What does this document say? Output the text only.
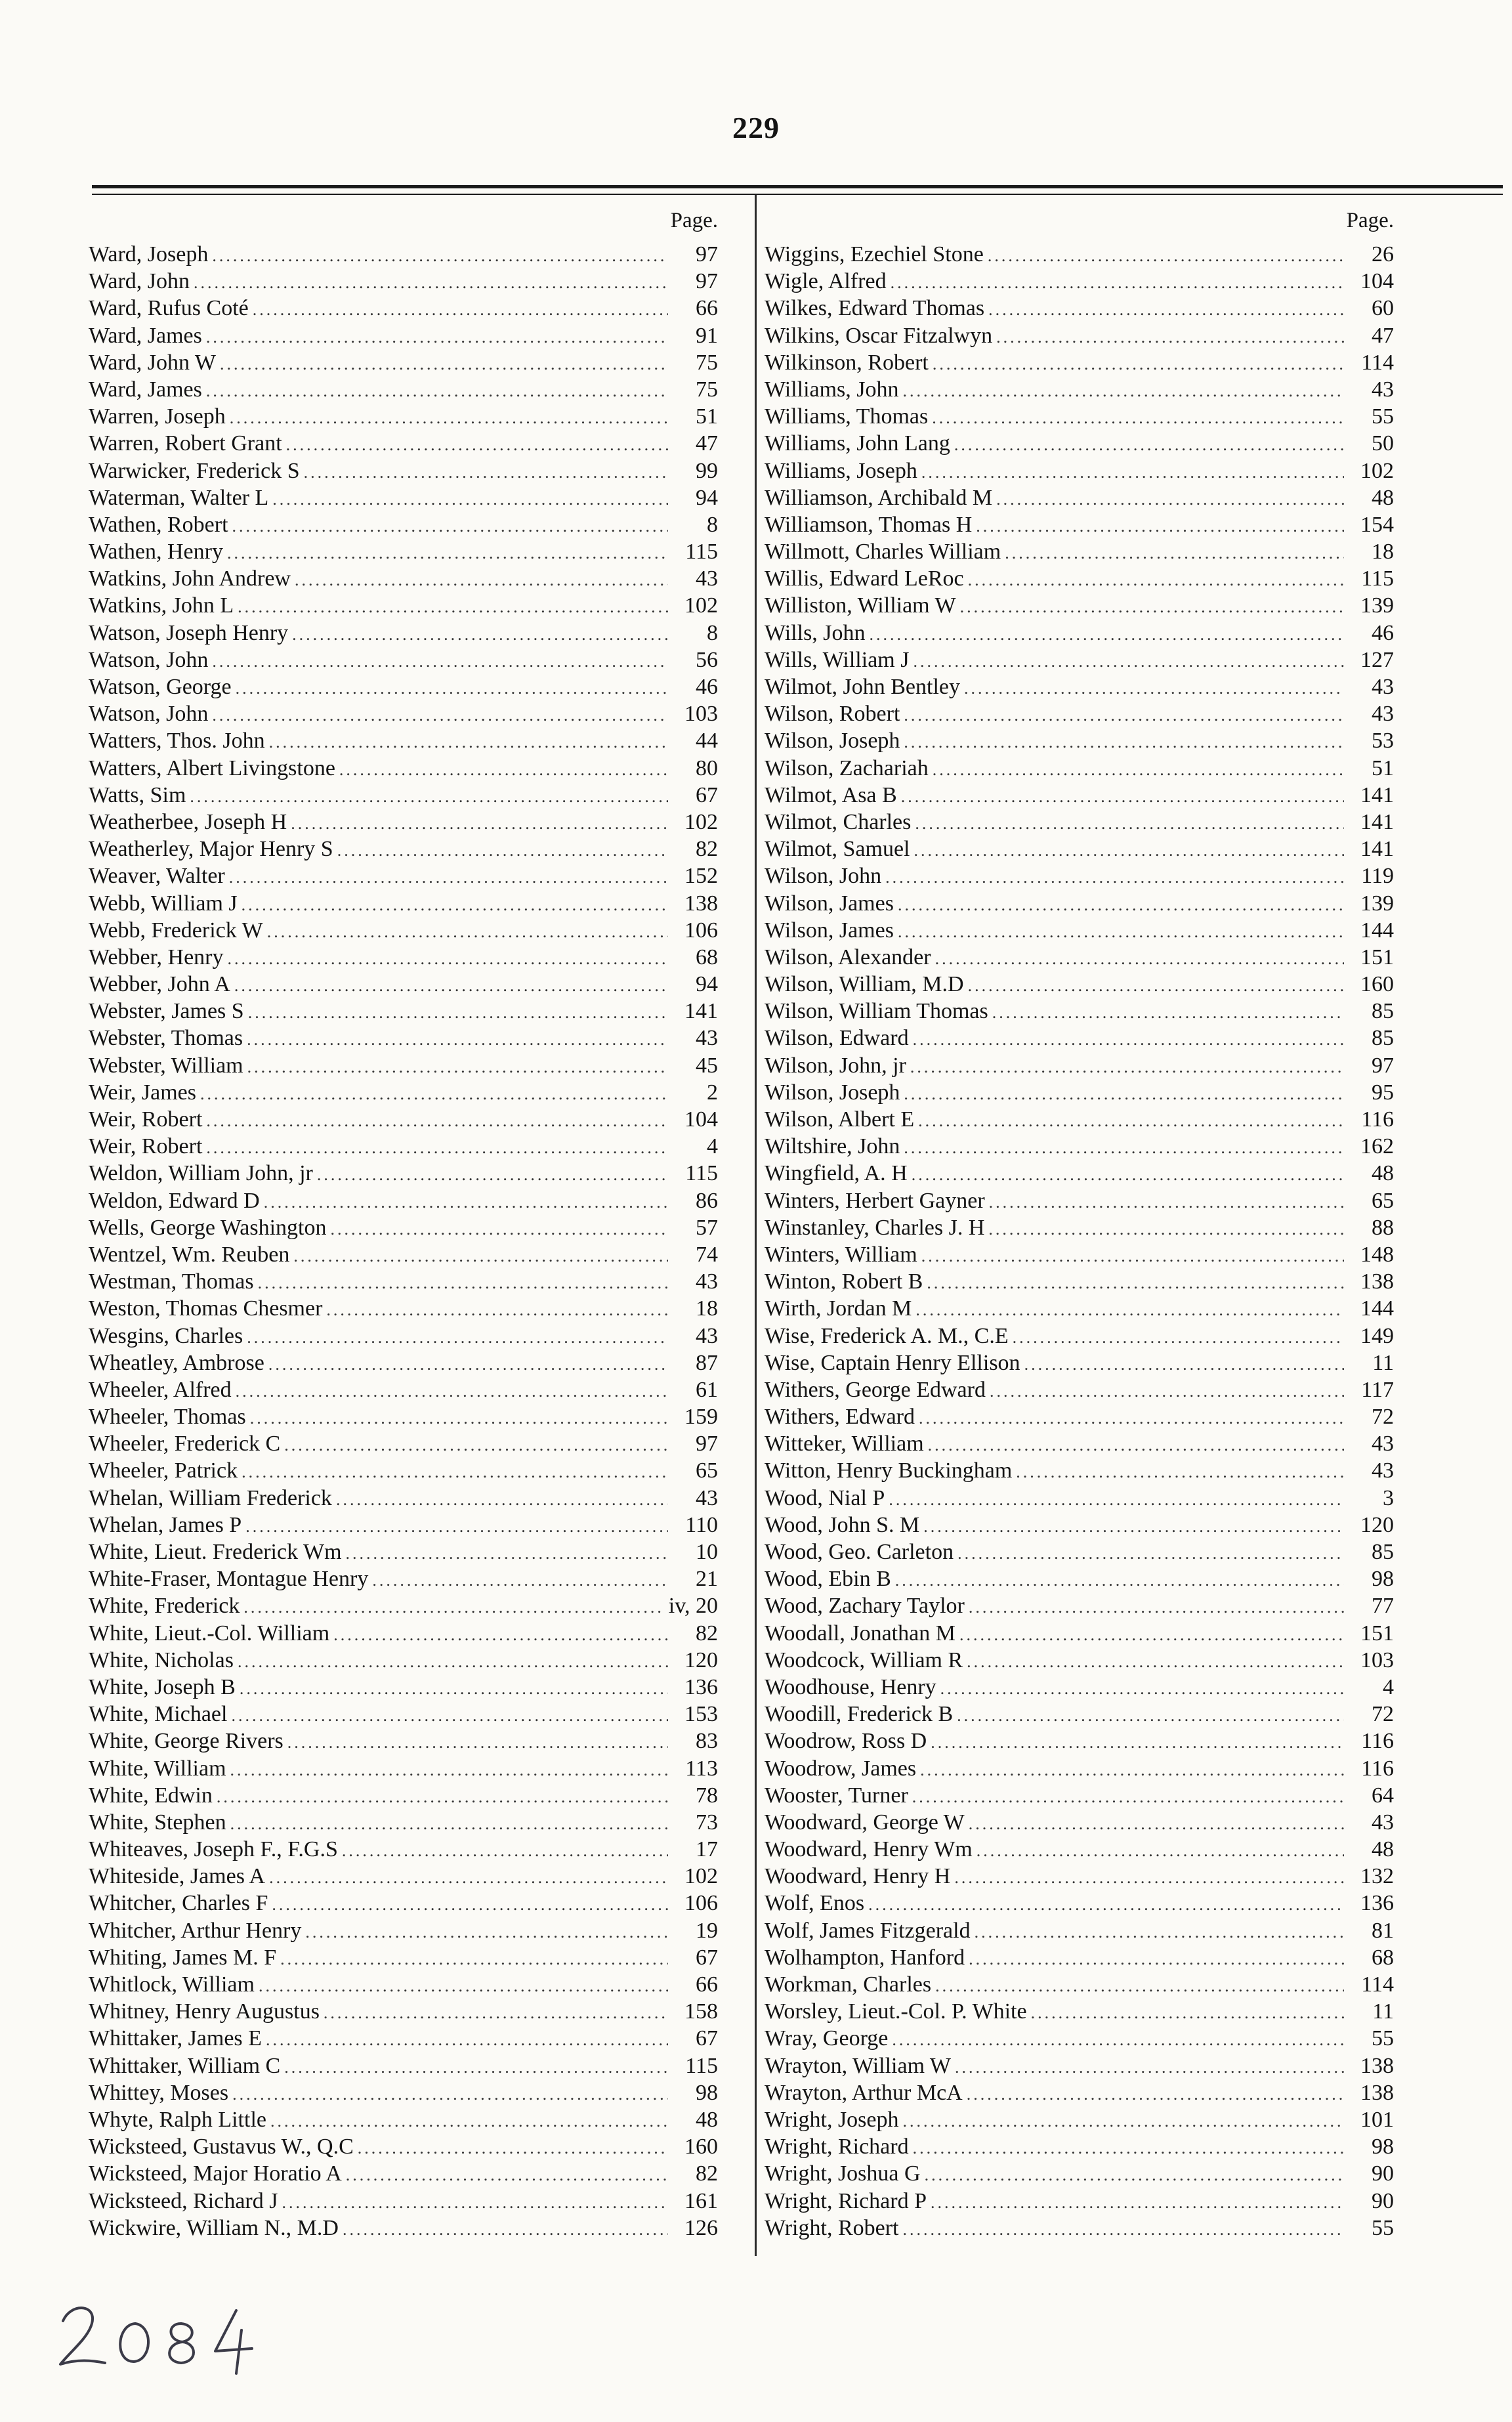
229
Page.
Ward, Joseph .....	97
Ward, John .....	97
Ward, Rufus Coté .....	66
Ward, James .....	91
Ward, John W .....	75
Ward, James .....	75
Warren, Joseph .....	51
Warren, Robert Grant .....	47
Warwicker, Frederick S .....	99
Waterman, Walter L .....	94
Wathen, Robert .....	8
Wathen, Henry .....	115
Watkins, John Andrew .....	43
Watkins, John L .....	102
Watson, Joseph Henry .....	8
Watson, John .....	56
Watson, George .....	46
Watson, John .....	103
Watters, Thos. John .....	44
Watters, Albert Livingstone .....	80
Watts, Sim .....	67
Weatherbee, Joseph H .....	102
Weatherley, Major Henry S .....	82
Weaver, Walter .....	152
Webb, William J .....	138
Webb, Frederick W .....	106
Webber, Henry .....	68
Webber, John A .....	94
Webster, James S .....	141
Webster, Thomas .....	43
Webster, William .....	45
Weir, James .....	2
Weir, Robert .....	104
Weir, Robert .....	4
Weldon, William John, jr .....	115
Weldon, Edward D .....	86
Wells, George Washington .....	57
Wentzel, Wm. Reuben .....	74
Westman, Thomas .....	43
Weston, Thomas Chesmer .....	18
Wesgins, Charles .....	43
Wheatley, Ambrose .....	87
Wheeler, Alfred .....	61
Wheeler, Thomas .....	159
Wheeler, Frederick C .....	97
Wheeler, Patrick .....	65
Whelan, William Frederick .....	43
Whelan, James P .....	110
White, Lieut. Frederick Wm .....	10
White-Fraser, Montague Henry .....	21
White, Frederick .....	iv, 20
White, Lieut.-Col. William .....	82
White, Nicholas .....	120
White, Joseph B .....	136
White, Michael .....	153
White, George Rivers .....	83
White, William .....	113
White, Edwin .....	78
White, Stephen .....	73
Whiteaves, Joseph F., F.G.S .....	17
Whiteside, James A .....	102
Whitcher, Charles F .....	106
Whitcher, Arthur Henry .....	19
Whiting, James M. F .....	67
Whitlock, William .....	66
Whitney, Henry Augustus .....	158
Whittaker, James E .....	67
Whittaker, William C .....	115
Whittey, Moses .....	98
Whyte, Ralph Little .....	48
Wicksteed, Gustavus W., Q.C .....	160
Wicksteed, Major Horatio A .....	82
Wicksteed, Richard J .....	161
Wickwire, William N., M.D .....	126
Page.
Wiggins, Ezechiel Stone .....	26
Wigle, Alfred .....	104
Wilkes, Edward Thomas .....	60
Wilkins, Oscar Fitzalwyn .....	47
Wilkinson, Robert .....	114
Williams, John .....	43
Williams, Thomas .....	55
Williams, John Lang .....	50
Williams, Joseph .....	102
Williamson, Archibald M .....	48
Williamson, Thomas H .....	154
Willmott, Charles William .....	18
Willis, Edward LeRoc .....	115
Williston, William W .....	139
Wills, John .....	46
Wills, William J .....	127
Wilmot, John Bentley .....	43
Wilson, Robert .....	43
Wilson, Joseph .....	53
Wilson, Zachariah .....	51
Wilmot, Asa B .....	141
Wilmot, Charles .....	141
Wilmot, Samuel .....	141
Wilson, John .....	119
Wilson, James .....	139
Wilson, James .....	144
Wilson, Alexander .....	151
Wilson, William, M.D .....	160
Wilson, William Thomas .....	85
Wilson, Edward .....	85
Wilson, John, jr .....	97
Wilson, Joseph .....	95
Wilson, Albert E .....	116
Wiltshire, John .....	162
Wingfield, A. H .....	48
Winters, Herbert Gayner .....	65
Winstanley, Charles J. H .....	88
Winters, William .....	148
Winton, Robert B .....	138
Wirth, Jordan M .....	144
Wise, Frederick A. M., C.E .....	149
Wise, Captain Henry Ellison .....	11
Withers, George Edward .....	117
Withers, Edward .....	72
Witteker, William .....	43
Witton, Henry Buckingham .....	43
Wood, Nial P .....	3
Wood, John S. M .....	120
Wood, Geo. Carleton .....	85
Wood, Ebin B .....	98
Wood, Zachary Taylor .....	77
Woodall, Jonathan M .....	151
Woodcock, William R .....	103
Woodhouse, Henry .....	4
Woodill, Frederick B .....	72
Woodrow, Ross D .....	116
Woodrow, James .....	116
Wooster, Turner .....	64
Woodward, George W .....	43
Woodward, Henry Wm .....	48
Woodward, Henry H .....	132
Wolf, Enos .....	136
Wolf, James Fitzgerald .....	81
Wolhampton, Hanford .....	68
Workman, Charles .....	114
Worsley, Lieut.-Col. P. White .....	11
Wray, George .....	55
Wrayton, William W .....	138
Wrayton, Arthur McA .....	138
Wright, Joseph .....	101
Wright, Richard .....	98
Wright, Joshua G .....	90
Wright, Richard P .....	90
Wright, Robert .....	55
